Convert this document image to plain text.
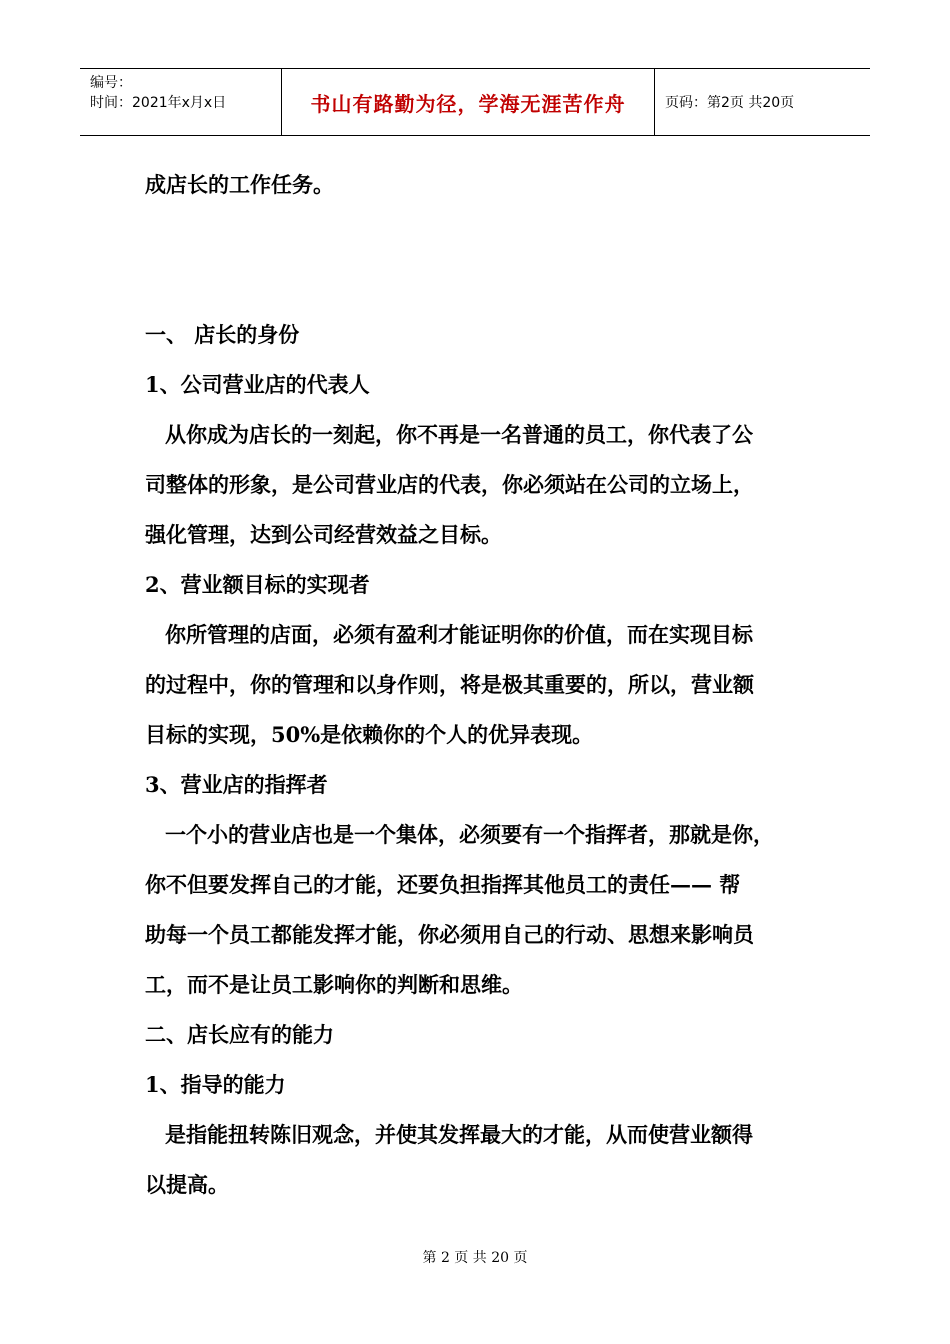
编号：
时间：2021年x月x日	书山有路勤为径，学海无涯苦作舟	页码：第2页 共20页
成店长的工作任务。
一、 店长的身份
1、公司营业店的代表人
从你成为店长的一刻起，你不再是一名普通的员工，你代表了公
司整体的形象，是公司营业店的代表，你必须站在公司的立场上，
强化管理，达到公司经营效益之目标。
2、营业额目标的实现者
你所管理的店面，必须有盈利才能证明你的价值，而在实现目标
的过程中，你的管理和以身作则，将是极其重要的，所以，营业额
目标的实现，50%是依赖你的个人的优异表现。
3、营业店的指挥者
一个小的营业店也是一个集体，必须要有一个指挥者，那就是你，
你不但要发挥自己的才能，还要负担指挥其他员工的责任—— 帮
助每一个员工都能发挥才能，你必须用自己的行动、思想来影响员
工，而不是让员工影响你的判断和思维。
二、店长应有的能力
1、指导的能力
是指能扭转陈旧观念，并使其发挥最大的才能，从而使营业额得
以提高。
第 2 页 共 20 页
